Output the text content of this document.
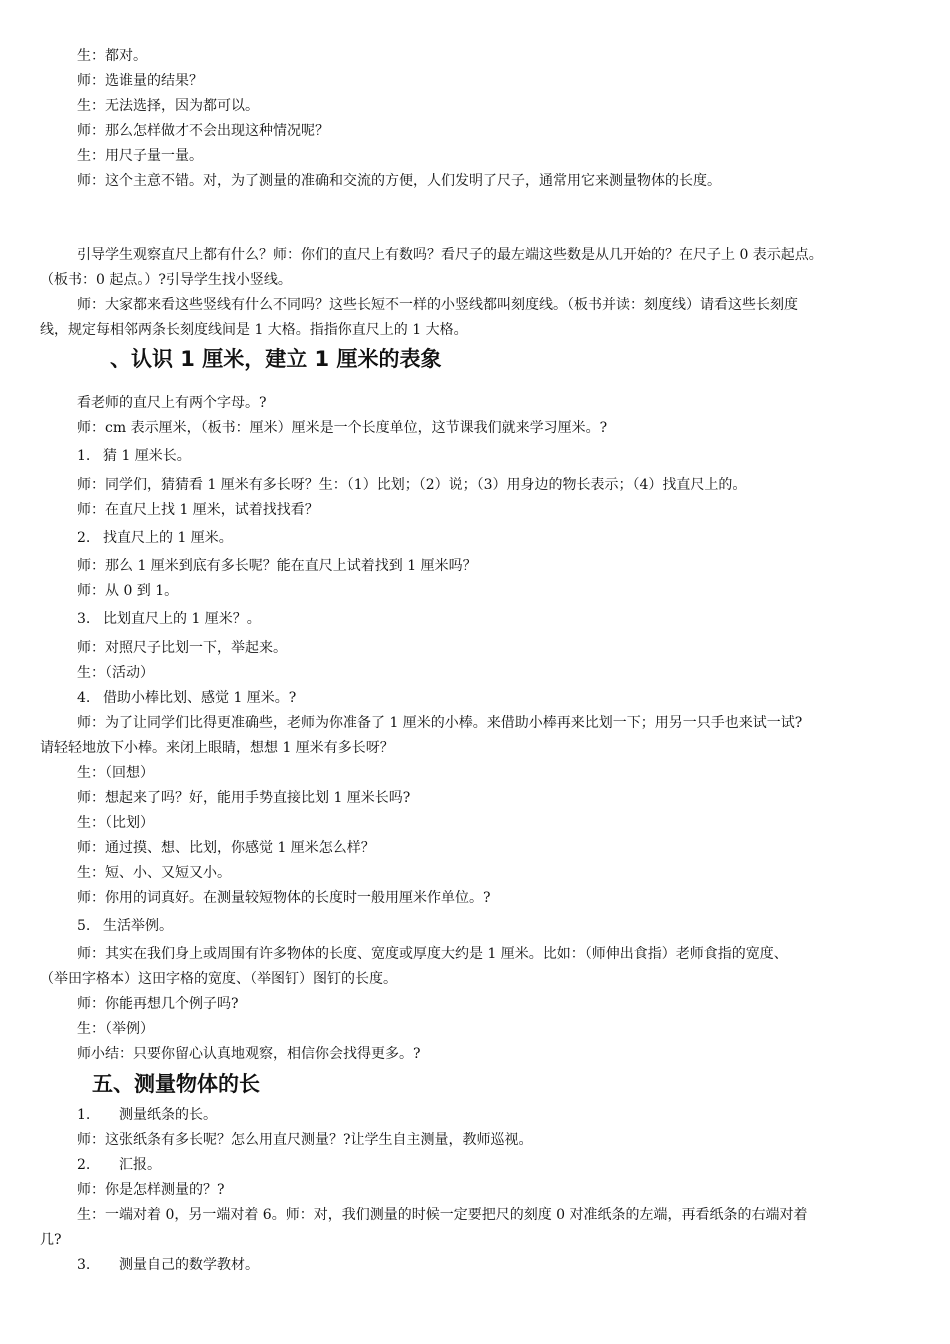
生：都对。
师：选谁量的结果？
生：无法选择，因为都可以。
师：那么怎样做才不会出现这种情况呢？
生：用尺子量一量。
师：这个主意不错。对，为了测量的准确和交流的方便，人们发明了尺子，通常用它来测量物体的长度。
引导学生观察直尺上都有什么？师：你们的直尺上有数吗？看尺子的最左端这些数是从几开始的？在尺子上 0 表示起点。
（板书：0 起点。）?引导学生找小竖线。
师：大家都来看这些竖线有什么不同吗？这些长短不一样的小竖线都叫刻度线。（板书并读：刻度线）请看这些长刻度
线，规定每相邻两条长刻度线间是 1 大格。指指你直尺上的 1 大格。
、认识 1 厘米，建立 1 厘米的表象
看老师的直尺上有两个字母。?
师：cm 表示厘米，（板书：厘米）厘米是一个长度单位，这节课我们就来学习厘米。?
1. 猜 1 厘米长。
师：同学们，猜猜看 1 厘米有多长呀？生：（1）比划；（2）说；（3）用身边的物长表示；（4）找直尺上的。
师：在直尺上找 1 厘米，试着找找看？
2. 找直尺上的 1 厘米。
师：那么 1 厘米到底有多长呢？能在直尺上试着找到 1 厘米吗？
师：从 0 到 1。
3. 比划直尺上的 1 厘米？。
师：对照尺子比划一下，举起来。
生：（活动）
4. 借助小棒比划、感觉 1 厘米。?
师：为了让同学们比得更准确些，老师为你准备了 1 厘米的小棒。来借助小棒再来比划一下；用另一只手也来试一试?
请轻轻地放下小棒。来闭上眼睛，想想 1 厘米有多长呀？
生：（回想）
师：想起来了吗？好，能用手势直接比划 1 厘米长吗?
生：（比划）
师：通过摸、想、比划，你感觉 1 厘米怎么样？
生：短、小、又短又小。
师：你用的词真好。在测量较短物体的长度时一般用厘米作单位。?
5. 生活举例。
师：其实在我们身上或周围有许多物体的长度、宽度或厚度大约是 1 厘米。比如：（师伸出食指）老师食指的宽度、
（举田字格本）这田字格的宽度、（举图钉）图钉的长度。
师：你能再想几个例子吗?
生：（举例）
师小结：只要你留心认真地观察，相信你会找得更多。?
五、测量物体的长
1. 测量纸条的长。
师：这张纸条有多长呢？怎么用直尺测量？?让学生自主测量，教师巡视。
2. 汇报。
师：你是怎样测量的？?
生：一端对着 0，另一端对着 6。师：对，我们测量的时候一定要把尺的刻度 0 对准纸条的左端，再看纸条的右端对着
几?
3. 测量自己的数学教材。
